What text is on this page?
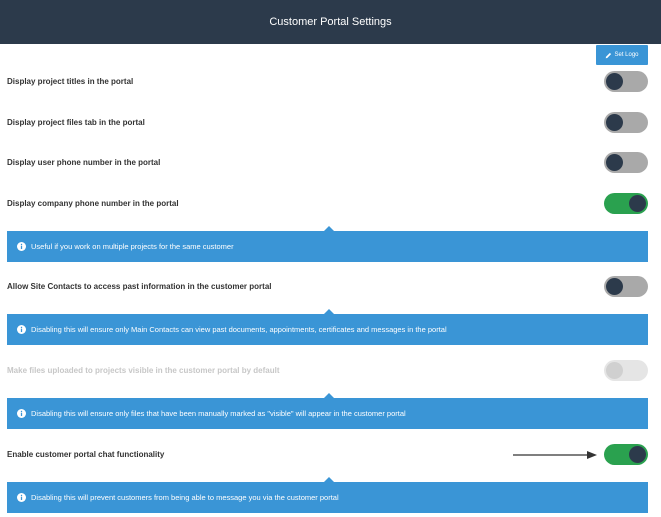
Customer Portal Settings
Set Logo
Display project titles in the portal
Display project files tab in the portal
Display user phone number in the portal
Display company phone number in the portal
Useful if you work on multiple projects for the same customer
Allow Site Contacts to access past information in the customer portal
Disabling this will ensure only Main Contacts can view past documents, appointments, certificates and messages in the portal
Make files uploaded to projects visible in the customer portal by default
Disabling this will ensure only files that have been manually marked as "visible" will appear in the customer portal
Enable customer portal chat functionality
Disabling this will prevent customers from being able to message you via the customer portal
